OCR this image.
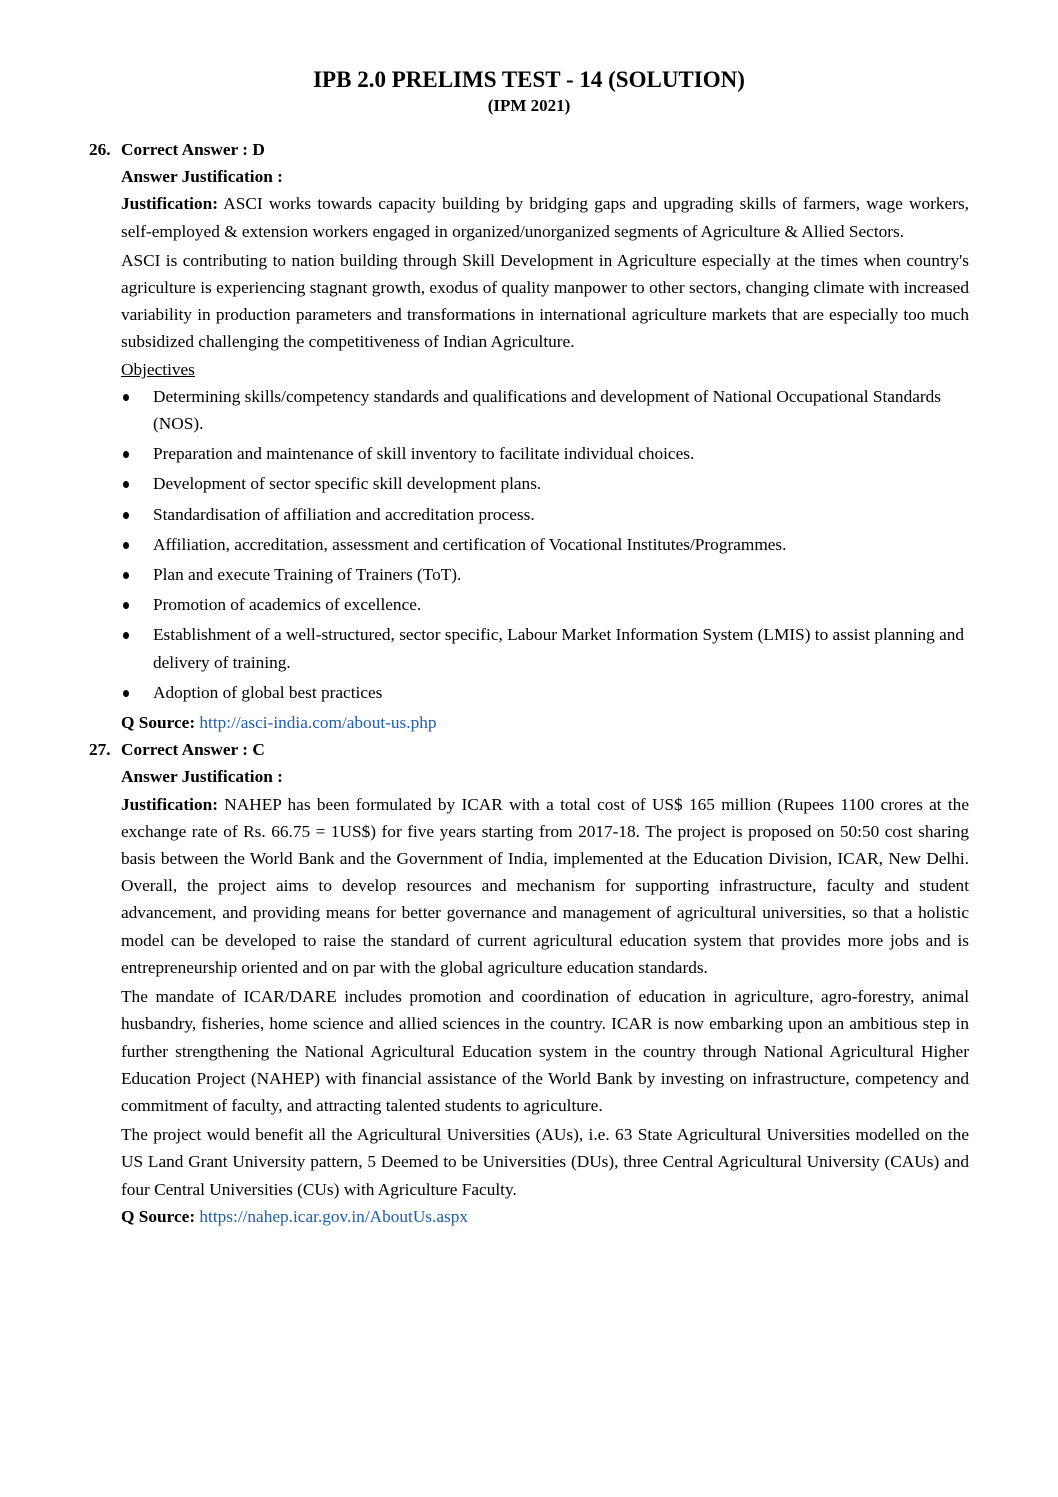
IPB 2.0 PRELIMS TEST - 14 (SOLUTION)
(IPM 2021)
26. Correct Answer : D
Answer Justification :

Justification: ASCI works towards capacity building by bridging gaps and upgrading skills of farmers, wage workers, self-employed & extension workers engaged in organized/unorganized segments of Agriculture & Allied Sectors.

ASCI is contributing to nation building through Skill Development in Agriculture especially at the times when country's agriculture is experiencing stagnant growth, exodus of quality manpower to other sectors, changing climate with increased variability in production parameters and transformations in international agriculture markets that are especially too much subsidized challenging the competitiveness of Indian Agriculture.

Objectives
Determining skills/competency standards and qualifications and development of National Occupational Standards (NOS).
Preparation and maintenance of skill inventory to facilitate individual choices.
Development of sector specific skill development plans.
Standardisation of affiliation and accreditation process.
Affiliation, accreditation, assessment and certification of Vocational Institutes/Programmes.
Plan and execute Training of Trainers (ToT).
Promotion of academics of excellence.
Establishment of a well-structured, sector specific, Labour Market Information System (LMIS) to assist planning and delivery of training.
Adoption of global best practices
Q Source: http://asci-india.com/about-us.php
27. Correct Answer : C
Answer Justification :

Justification: NAHEP has been formulated by ICAR with a total cost of US$ 165 million (Rupees 1100 crores at the exchange rate of Rs. 66.75 = 1US$) for five years starting from 2017-18. The project is proposed on 50:50 cost sharing basis between the World Bank and the Government of India, implemented at the Education Division, ICAR, New Delhi. Overall, the project aims to develop resources and mechanism for supporting infrastructure, faculty and student advancement, and providing means for better governance and management of agricultural universities, so that a holistic model can be developed to raise the standard of current agricultural education system that provides more jobs and is entrepreneurship oriented and on par with the global agriculture education standards.

The mandate of ICAR/DARE includes promotion and coordination of education in agriculture, agro-forestry, animal husbandry, fisheries, home science and allied sciences in the country. ICAR is now embarking upon an ambitious step in further strengthening the National Agricultural Education system in the country through National Agricultural Higher Education Project (NAHEP) with financial assistance of the World Bank by investing on infrastructure, competency and commitment of faculty, and attracting talented students to agriculture.

The project would benefit all the Agricultural Universities (AUs), i.e. 63 State Agricultural Universities modelled on the US Land Grant University pattern, 5 Deemed to be Universities (DUs), three Central Agricultural University (CAUs) and four Central Universities (CUs) with Agriculture Faculty.

Q Source: https://nahep.icar.gov.in/AboutUs.aspx
